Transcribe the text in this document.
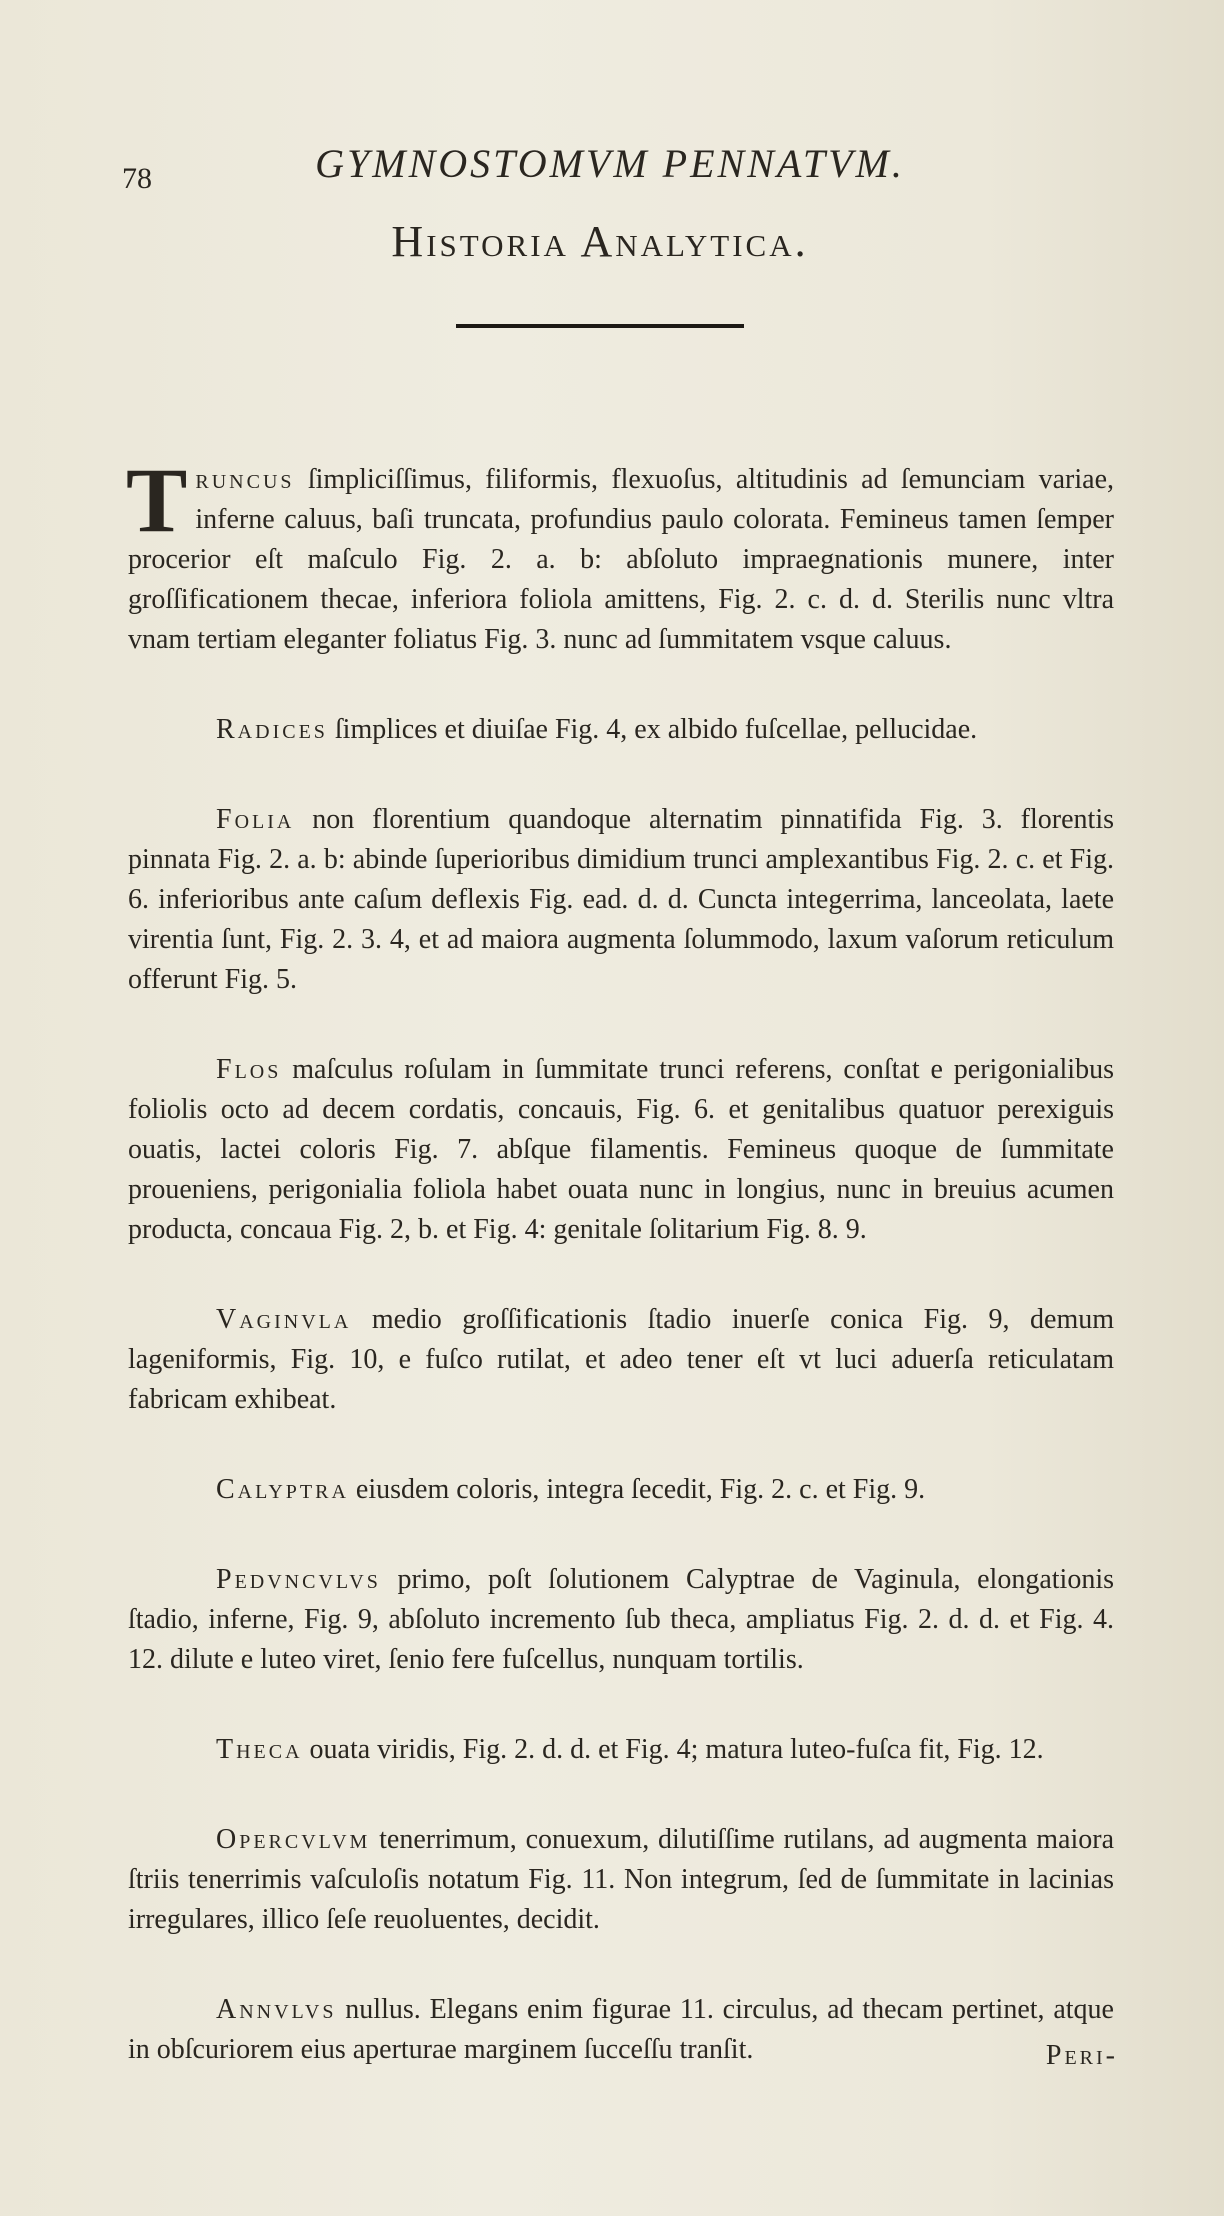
78	GYMNOSTOMVM PENNATVM.
Historia Analytica.

Truncus ſimpliciſſimus, filiformis, flexuoſus, altitudinis ad ſemunciam variae, inferne caluus, baſi truncata, profundius paulo colorata. Femineus tamen ſemper procerior eſt maſculo Fig. 2. a. b: abſoluto impraegnationis munere, inter groſſificationem thecae, inferiora foliola amittens, Fig. 2. c. d. d. Sterilis nunc vltra vnam tertiam eleganter foliatus Fig. 3. nunc ad ſummitatem vsque caluus.

Radices ſimplices et diuiſae Fig. 4, ex albido fuſcellae, pellucidae.

Folia non florentium quandoque alternatim pinnatifida Fig. 3. florentis pinnata Fig. 2. a. b: abinde ſuperioribus dimidium trunci amplexantibus Fig. 2. c. et Fig. 6. inferioribus ante caſum deflexis Fig. ead. d. d. Cuncta integerrima, lanceolata, laete virentia ſunt, Fig. 2. 3. 4, et ad maiora augmenta ſolummodo, laxum vaſorum reticulum offerunt Fig. 5.

Flos maſculus roſulam in ſummitate trunci referens, conſtat e perigonialibus foliolis octo ad decem cordatis, concauis, Fig. 6. et genitalibus quatuor perexiguis ouatis, lactei coloris Fig. 7. abſque filamentis. Femineus quoque de ſummitate proueniens, perigonialia foliola habet ouata nunc in longius, nunc in breuius acumen producta, concaua Fig. 2, b. et Fig. 4: genitale ſolitarium Fig. 8. 9.

Vaginvla medio groſſificationis ſtadio inuerſe conica Fig. 9, demum lageniformis, Fig. 10, e fuſco rutilat, et adeo tener eſt vt luci aduerſa reticulatam fabricam exhibeat.

Calyptra eiusdem coloris, integra ſecedit, Fig. 2. c. et Fig. 9.

Pedvncvlvs primo, poſt ſolutionem Calyptrae de Vaginula, elongationis ſtadio, inferne, Fig. 9, abſoluto incremento ſub theca, ampliatus Fig. 2. d. d. et Fig. 4. 12. dilute e luteo viret, ſenio fere fuſcellus, nunquam tortilis.

Theca ouata viridis, Fig. 2. d. d. et Fig. 4; matura luteo-fuſca fit, Fig. 12.

Opercvlvm tenerrimum, conuexum, dilutiſſime rutilans, ad augmenta maiora ſtriis tenerrimis vaſculoſis notatum Fig. 11. Non integrum, ſed de ſummitate in lacinias irregulares, illico ſeſe reuoluentes, decidit.

Annvlvs nullus. Elegans enim figurae 11. circulus, ad thecam pertinet, atque in obſcuriorem eius aperturae marginem ſucceſſu tranſit.	Peri-
